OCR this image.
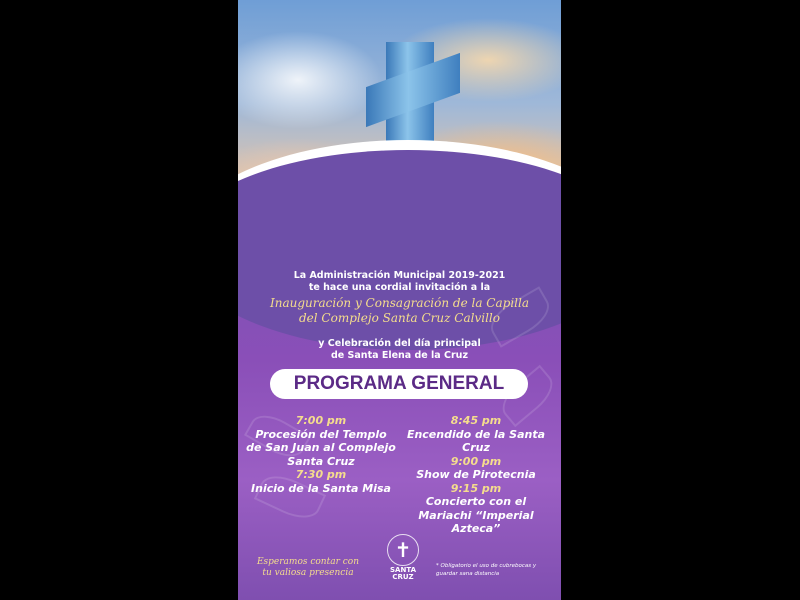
La Administración Municipal 2019-2021
te hace una cordial invitación a la
Inauguración y Consagración de la Capilla
del Complejo Santa Cruz Calvillo
y Celebración del día principal
de Santa Elena de la Cruz
PROGRAMA GENERAL
7:00 pm
Procesión del Templo de San Juan al Complejo Santa Cruz
7:30 pm
Inicio de la Santa Misa
8:45 pm
Encendido de la Santa Cruz
9:00 pm
Show de Pirotecnia
9:15 pm
Concierto con el Mariachi “Imperial Azteca”
Esperamos contar con tu valiosa presencia
✝
SANTA CRUZ
* Obligatorio el uso de cubrebocas y guardar sana distancia
